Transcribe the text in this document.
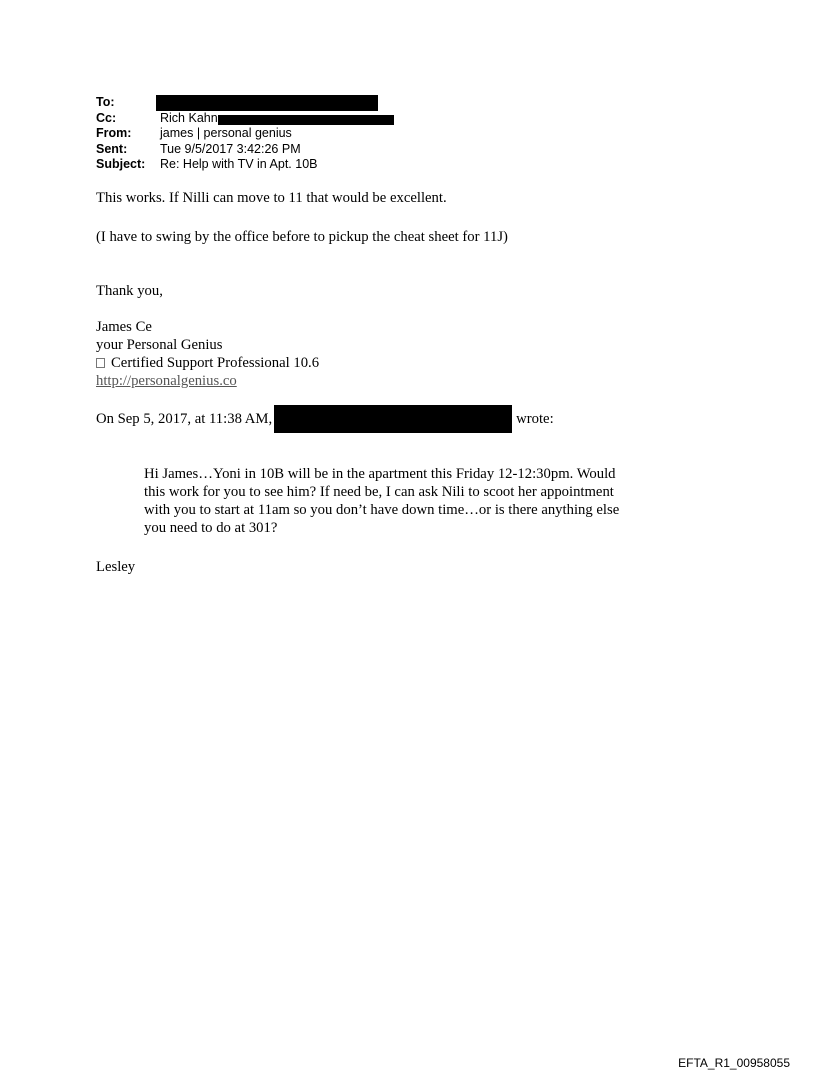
To:
Cc:	Rich Kahn
From:	james | personal genius
Sent:	Tue 9/5/2017 3:42:26 PM
Subject:	Re: Help with TV in Apt. 10B
This works. If Nilli can move to 11 that would be excellent.
(I have to swing by the office before to pickup the cheat sheet for 11J)
Thank you,
James Ce
your Personal Genius
Certified Support Professional 10.6
http://personalgenius.co
On Sep 5, 2017, at 11:38 AM,	wrote:
Hi James…Yoni in 10B will be in the apartment this Friday 12-12:30pm. Would
this work for you to see him? If need be, I can ask Nili to scoot her appointment
with you to start at 11am so you don’t have down time…or is there anything else
you need to do at 301?
Lesley
EFTA_R1_00958055
